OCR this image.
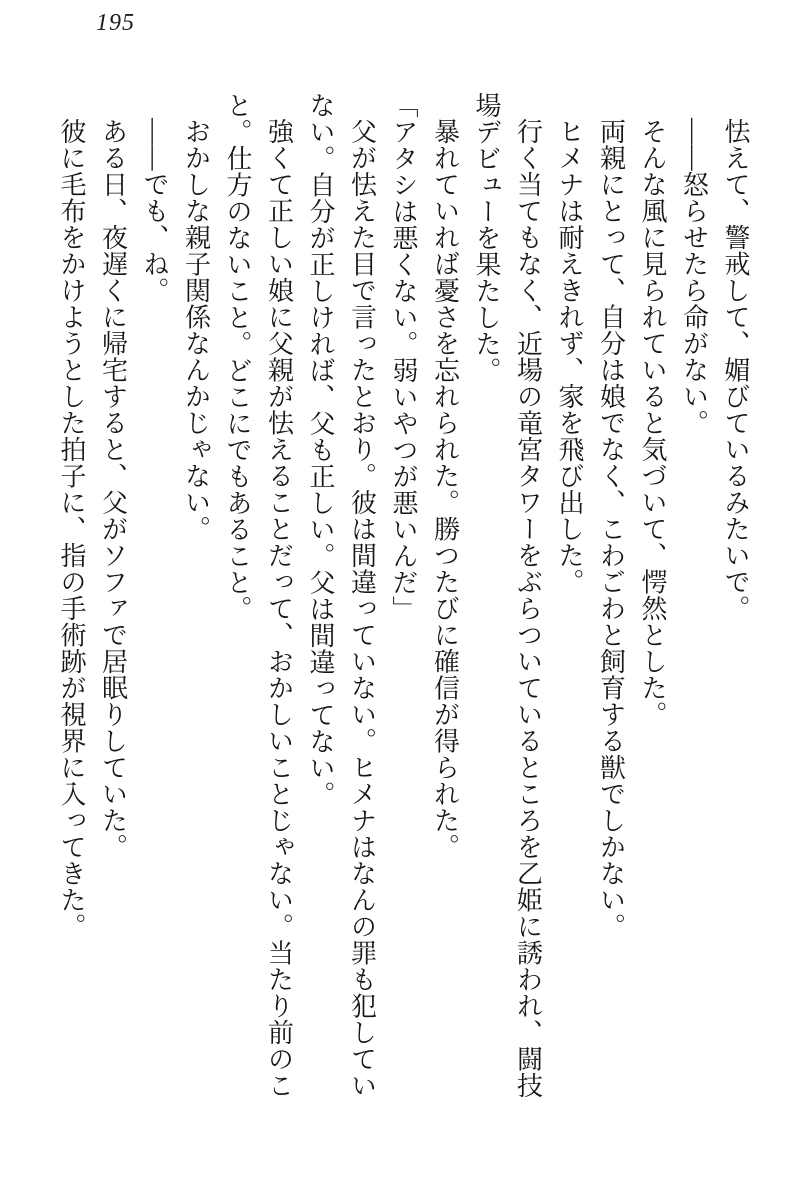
195
怯えて、警戒して、媚びているみたいで。
——怒らせたら命がない。
そんな風に見られていると気づいて、愕然とした。
両親にとって、自分は娘でなく、こわごわと飼育する獣でしかない。
ヒメナは耐えきれず、家を飛び出した。
行く当てもなく、近場の竜宮タワーをぶらついているところを乙姫に誘われ、闘技
場デビューを果たした。
暴れていれば憂さを忘れられた。勝つたびに確信が得られた。
「アタシは悪くない。弱いやつが悪いんだ」
父が怯えた目で言ったとおり。彼は間違っていない。ヒメナはなんの罪も犯してい
ない。自分が正しければ、父も正しい。父は間違ってない。
強くて正しい娘に父親が怯えることだって、おかしいことじゃない。当たり前のこ
と。仕方のないこと。どこにでもあること。
おかしな親子関係なんかじゃない。
——でも、ね。
ある日、夜遅くに帰宅すると、父がソファで居眠りしていた。
彼に毛布をかけようとした拍子に、指の手術跡が視界に入ってきた。
